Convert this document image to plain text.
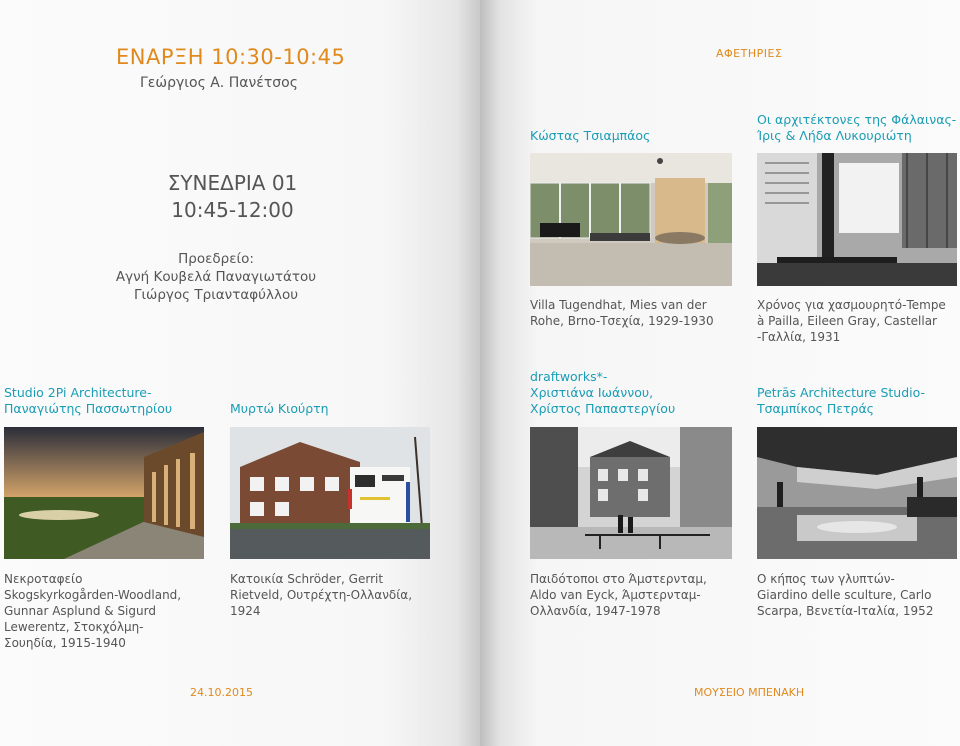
ΕΝΑΡΞΗ 10:30-10:45
Γεώργιος Α. Πανέτσος
ΣΥΝΕΔΡΙΑ 01
10:45-12:00
Προεδρείο:
Αγνή Κουβελά Παναγιωτάτου
Γιώργος Τριανταφύλλου
Studio 2Pi Architecture-
Παναγιώτης Πασσωτηρίου
Νεκροταφείο
Skogskyrkogården-Woodland,
Gunnar Asplund & Sigurd
Lewerentz, Στοκχόλμη-
Σουηδία, 1915-1940
Μυρτώ Κιούρτη
Κατοικία Schröder, Gerrit
Rietveld, Ουτρέχτη-Ολλανδία,
1924
24.10.2015
ΑΦΕΤΗΡΙΕΣ
Κώστας Τσιαμπάος
Villa Tugendhat, Mies van der
Rohe, Brno-Τσεχία, 1929-1930
Οι αρχιτέκτονες της Φάλαινας-
Ίρις & Λήδα Λυκουριώτη
Χρόνος για χασμουρητό-Tempe
à Pailla, Eileen Gray, Castellar
-Γαλλία, 1931
draftworks*-
Χριστιάνα Ιωάννου,
Χρίστος Παπαστεργίου
Παιδότοποι στο Άμστερνταμ,
Aldo van Eyck, Άμστερνταμ-
Ολλανδία, 1947-1978
Petrās Architecture Studio-
Τσαμπίκος Πετράς
Ο κήπος των γλυπτών-
Giardino delle sculture, Carlo
Scarpa, Βενετία-Ιταλία, 1952
ΜΟΥΣΕΙΟ ΜΠΕΝΑΚΗ
